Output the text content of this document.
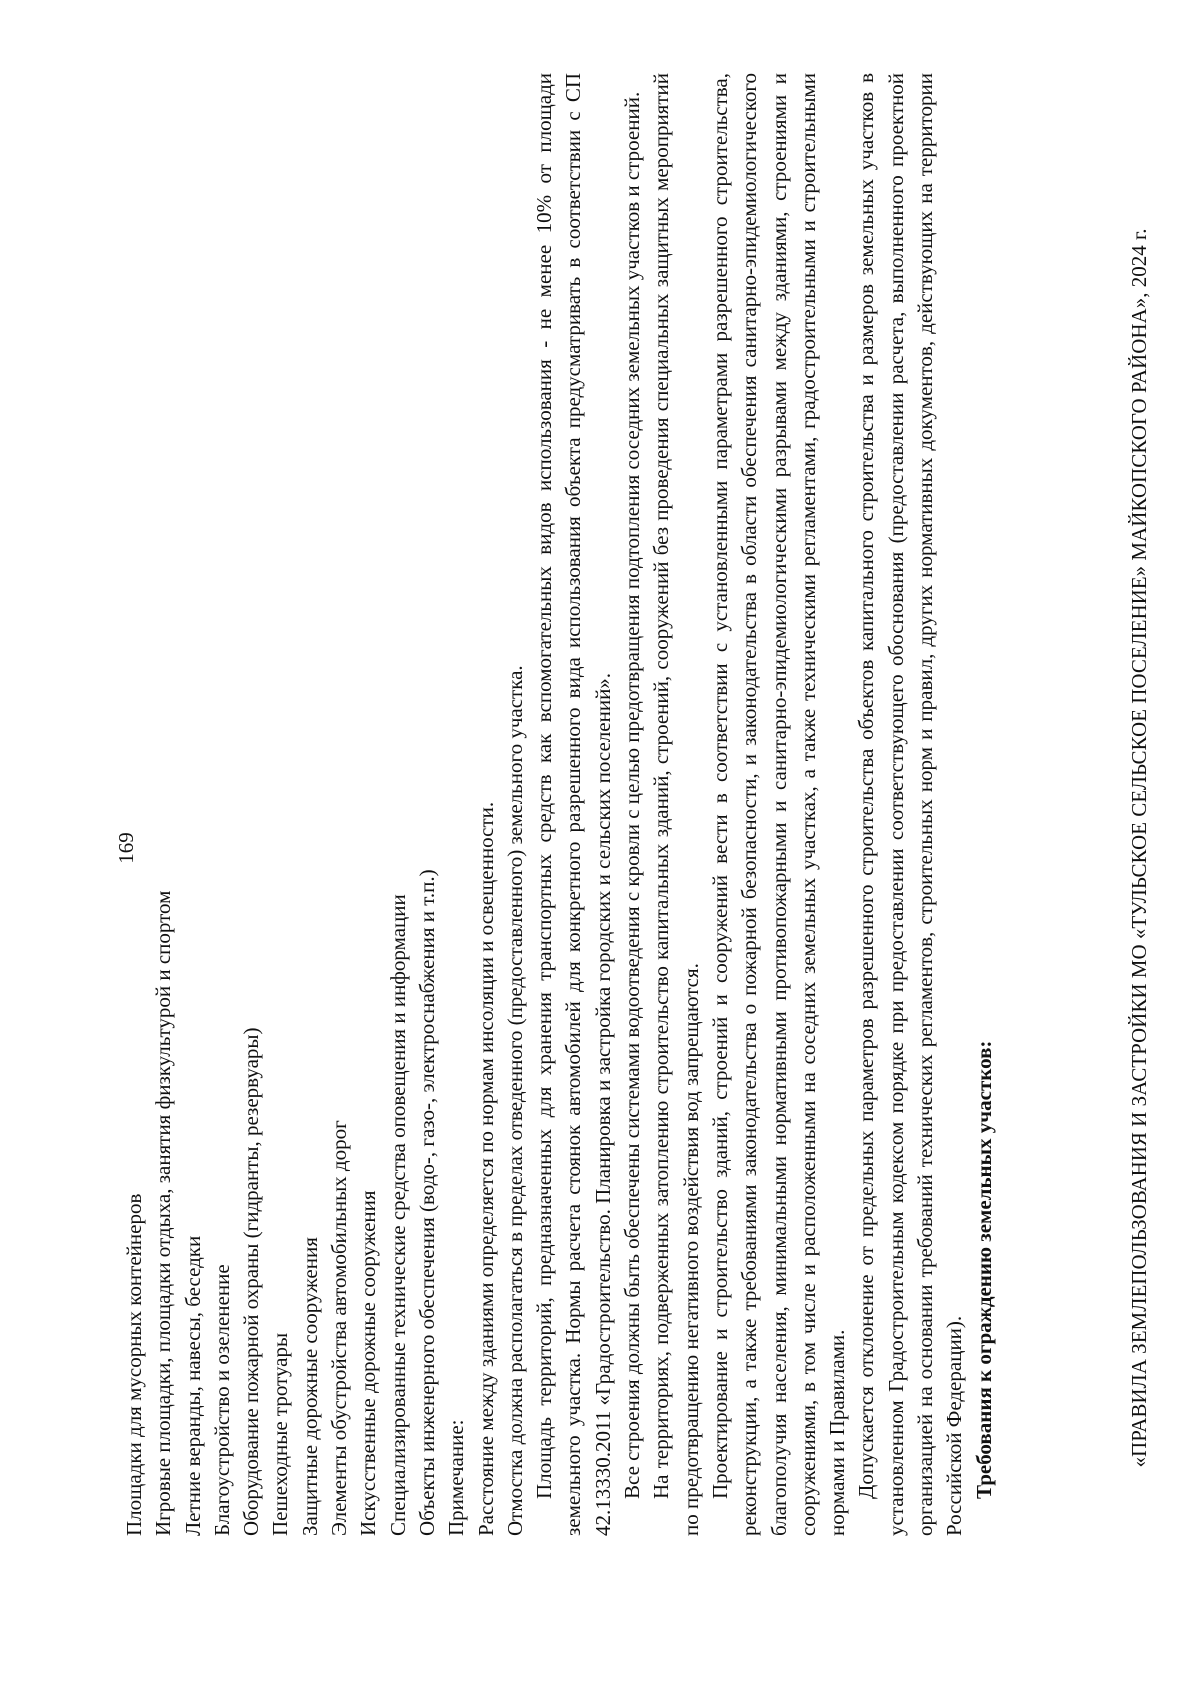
169
Площадки для мусорных контейнеров Игровые площадки, площадки отдыха, занятия физкультурой и спортом Летние веранды, навесы, беседки Благоустройство и озеленение Оборудование пожарной охраны (гидранты, резервуары) Пешеходные тротуары Защитные дорожные сооружения Элементы обустройства автомобильных дорог Искусственные дорожные сооружения Специализированные технические средства оповещения и информации Объекты инженерного обеспечения (водо-, газо-, электроснабжения и т.п.) Примечание: Расстояние между зданиями определяется по нормам инсоляции и освещенности. Отмостка должна располагаться в пределах отведенного (предоставленного) земельного участка. Площадь территорий, предназначенных для хранения транспортных средств как вспомогательных видов использования - не менее 10% от площади земельного участка. Нормы расчета стоянок автомобилей для конкретного разрешенного вида использования объекта предусматривать в соответствии с СП 42.13330.2011 «Градостроительство. Планировка и застройка городских и сельских поселений». Все строения должны быть обеспечены системами водоотведения с кровли с целью предотвращения подтопления соседних земельных участков и строений. На территориях, подверженных затоплению строительство капитальных зданий, строений, сооружений без проведения специальных защитных мероприятий по предотвращению негативного воздействия вод запрещаются. Проектирование и строительство зданий, строений и сооружений вести в соответствии с установленными параметрами разрешенного строительства, реконструкции, а также требованиями законодательства о пожарной безопасности, и законодательства в области обеспечения санитарно-эпидемиологического благополучия населения, минимальными нормативными противопожарными и санитарно-эпидемиологическими разрывами между зданиями, строениями и сооружениями, в том числе и расположенными на соседних земельных участках, а также техническими регламентами, градостроительными и строительными нормами и Правилами. Допускается отклонение от предельных параметров разрешенного строительства объектов капитального строительства и размеров земельных участков в установленном Градостроительным кодексом порядке при предоставлении соответствующего обоснования (предоставлении расчета, выполненного проектной организацией на основании требований технических регламентов, строительных норм и правил, других нормативных документов, действующих на территории Российской Федерации). Требования к ограждению земельных участков:	«ПРАВИЛА ЗЕМЛЕПОЛЬЗОВАНИЯ И ЗАСТРОЙКИ МО «ТУЛЬСКОЕ СЕЛЬСКОЕ ПОСЕЛЕНИЕ» МАЙКОПСКОГО РАЙОНА», 2024 г.
